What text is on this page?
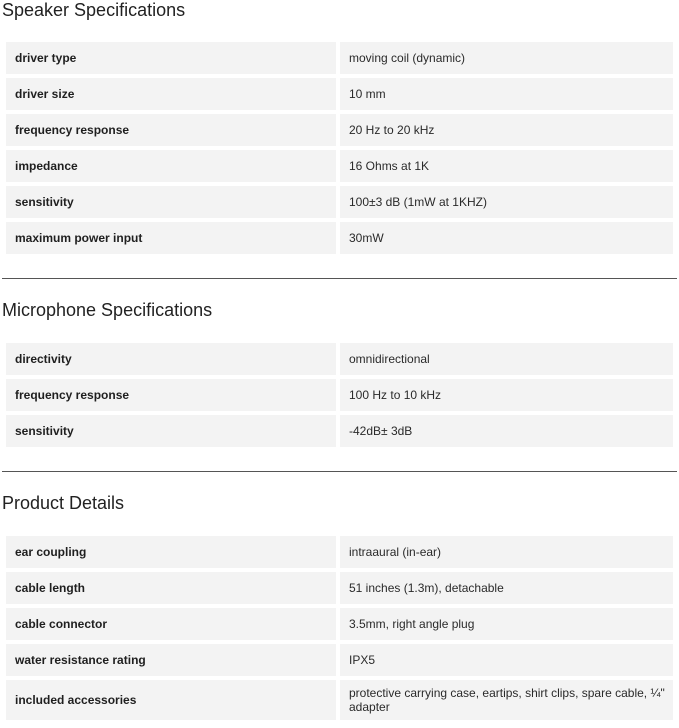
Speaker Specifications
driver type	moving coil (dynamic)
driver size	10 mm
frequency response	20 Hz to 20 kHz
impedance	16 Ohms at 1K
sensitivity	100±3 dB (1mW at 1KHZ)
maximum power input	30mW
Microphone Specifications
directivity	omnidirectional
frequency response	100 Hz to 10 kHz
sensitivity	-42dB± 3dB
Product Details
ear coupling	intraaural (in-ear)
cable length	51 inches (1.3m), detachable
cable connector	3.5mm, right angle plug
water resistance rating	IPX5
included accessories	protective carrying case, eartips, shirt clips, spare cable, ¼" adapter
